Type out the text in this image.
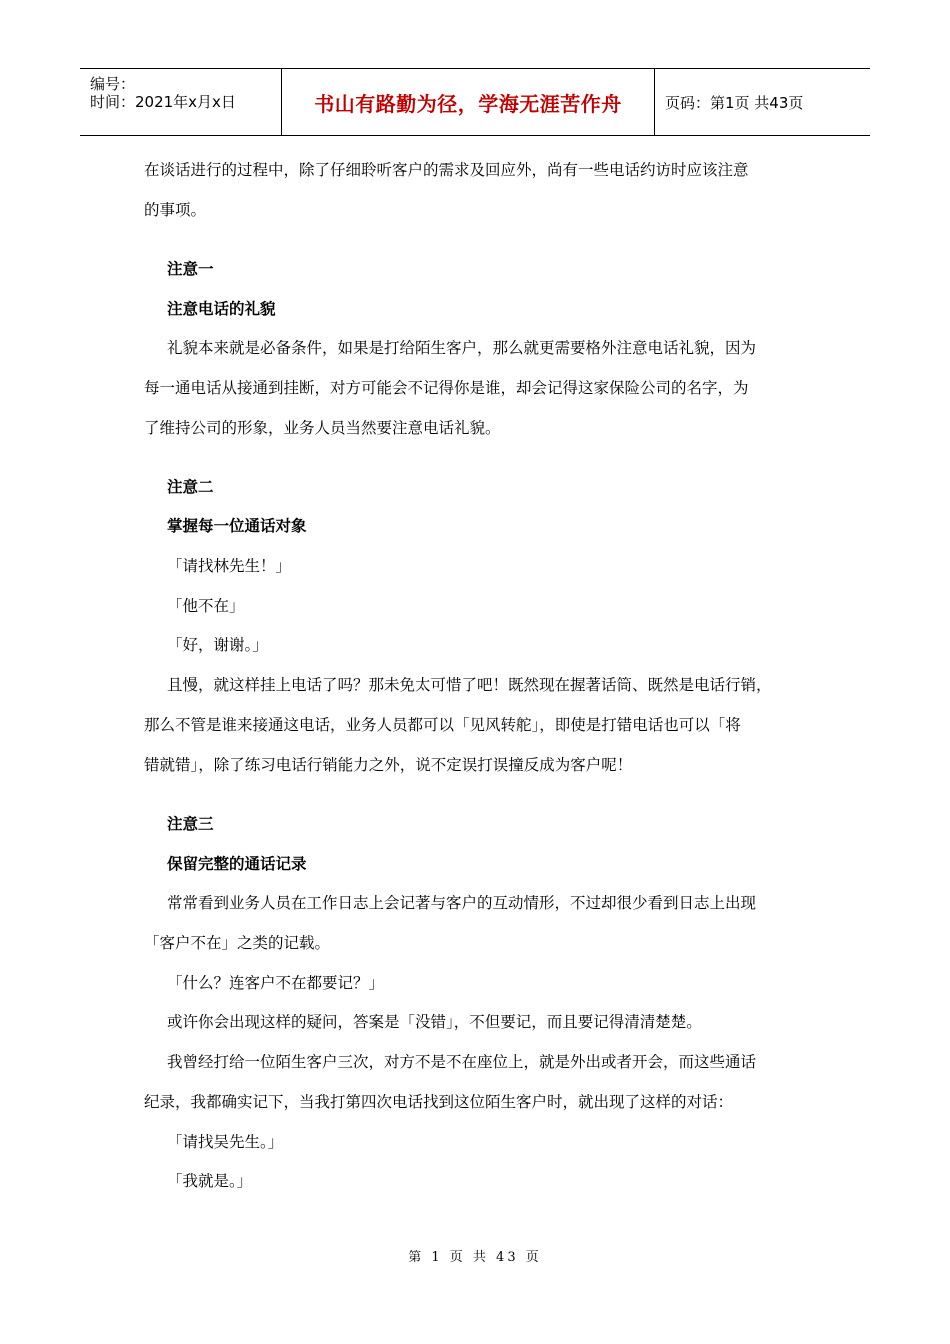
编号：
时间：2021年x月x日	书山有路勤为径，学海无涯苦作舟	页码：第1页 共43页
在谈话进行的过程中，除了仔细聆听客户的需求及回应外，尚有一些电话约访时应该注意
的事项。
注意一
注意电话的礼貌
礼貌本来就是必备条件，如果是打给陌生客户，那么就更需要格外注意电话礼貌，因为
每一通电话从接通到挂断，对方可能会不记得你是谁，却会记得这家保险公司的名字，为
了维持公司的形象，业务人员当然要注意电话礼貌。
注意二
掌握每一位通话对象
「请找林先生！」
「他不在」
「好，谢谢。」
且慢，就这样挂上电话了吗？那未免太可惜了吧！既然现在握著话筒、既然是电话行销，
那么不管是谁来接通这电话，业务人员都可以「见风转舵」，即使是打错电话也可以「将
错就错」，除了练习电话行销能力之外，说不定误打误撞反成为客户呢！
注意三
保留完整的通话记录
常常看到业务人员在工作日志上会记著与客户的互动情形，不过却很少看到日志上出现
「客户不在」之类的记载。
「什么？连客户不在都要记？」
或许你会出现这样的疑问，答案是「没错」，不但要记，而且要记得清清楚楚。
我曾经打给一位陌生客户三次，对方不是不在座位上，就是外出或者开会，而这些通话
纪录，我都确实记下，当我打第四次电话找到这位陌生客户时，就出现了这样的对话：
「请找吴先生。」
「我就是。」
第 1 页 共 43 页
